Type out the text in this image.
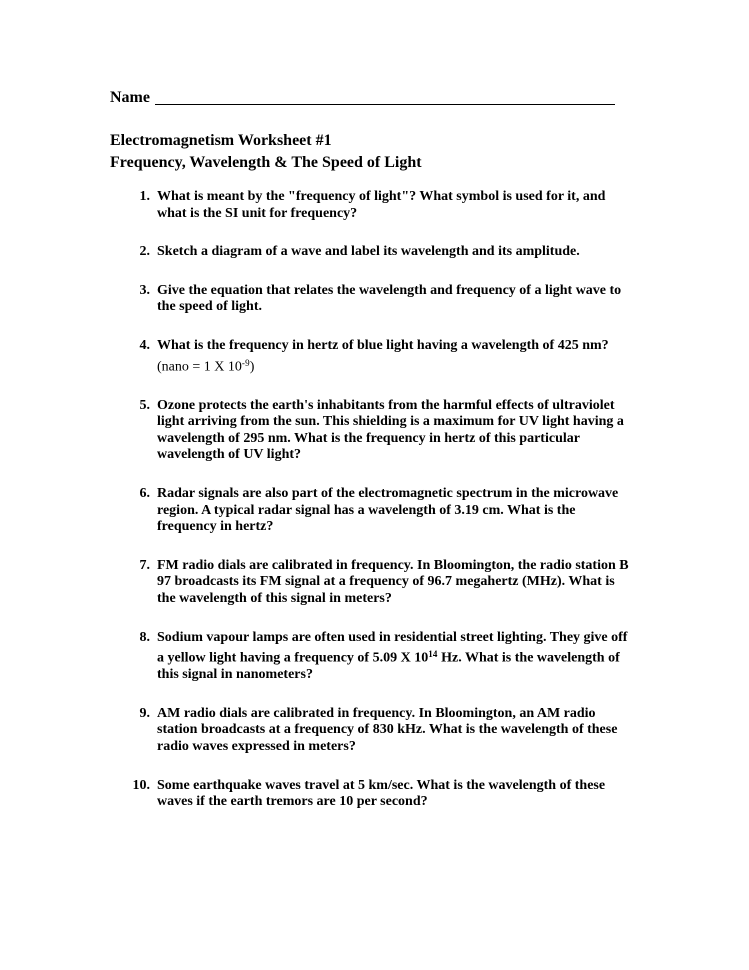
Name
Electromagnetism Worksheet #1
Frequency, Wavelength & The Speed of Light
1. What is meant by the "frequency of light"? What symbol is used for it, and what is the SI unit for frequency?
2. Sketch a diagram of a wave and label its wavelength and its amplitude.
3. Give the equation that relates the wavelength and frequency of a light wave to the speed of light.
4. What is the frequency in hertz of blue light having a wavelength of 425 nm? (nano = 1 X $10^{-9}$)
5. Ozone protects the earth's inhabitants from the harmful effects of ultraviolet light arriving from the sun. This shielding is a maximum for UV light having a wavelength of 295 nm. What is the frequency in hertz of this particular wavelength of UV light?
6. Radar signals are also part of the electromagnetic spectrum in the microwave region. A typical radar signal has a wavelength of 3.19 cm. What is the frequency in hertz?
7. FM radio dials are calibrated in frequency. In Bloomington, the radio station B 97 broadcasts its FM signal at a frequency of 96.7 megahertz (MHz). What is the wavelength of this signal in meters?
8. Sodium vapour lamps are often used in residential street lighting. They give off a yellow light having a frequency of 5.09 X $10^{14}$ Hz. What is the wavelength of this signal in nanometers?
9. AM radio dials are calibrated in frequency. In Bloomington, an AM radio station broadcasts at a frequency of 830 kHz. What is the wavelength of these radio waves expressed in meters?
10. Some earthquake waves travel at 5 km/sec. What is the wavelength of these waves if the earth tremors are 10 per second?
